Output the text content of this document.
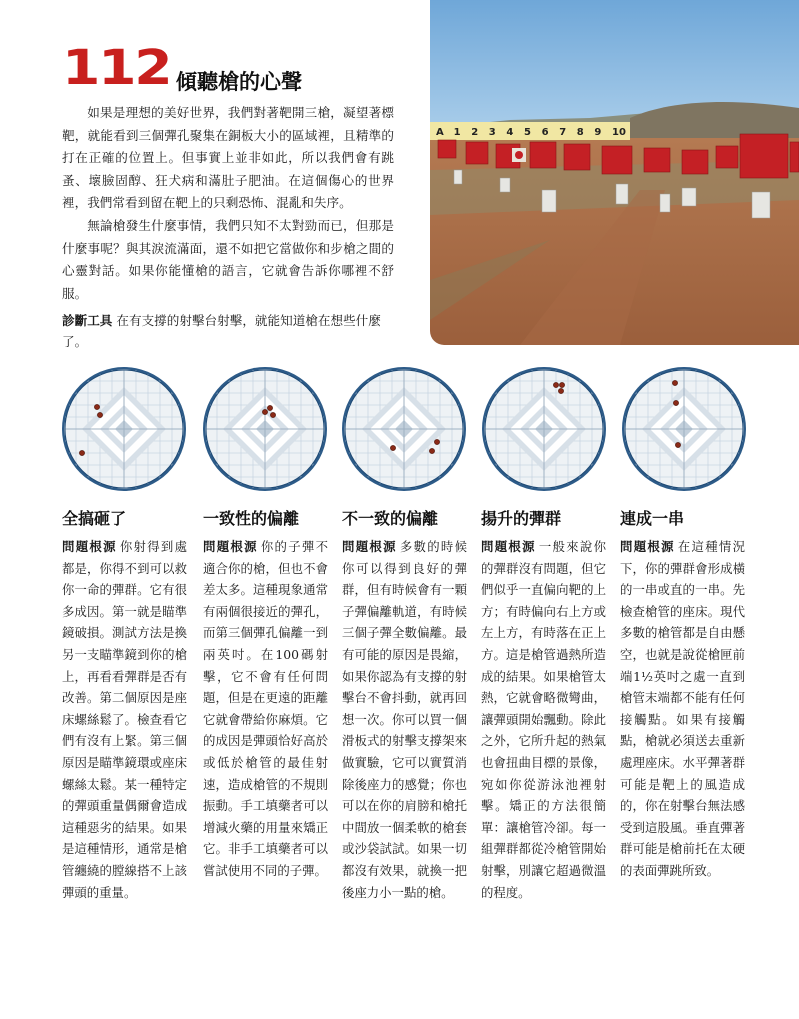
112 傾聽槍的心聲

如果是理想的美好世界，我們對著靶開三槍，凝望著標靶，就能看到三個彈孔聚集在銅板大小的區域裡，且精準的打在正確的位置上。但事實上並非如此，所以我們會有跳蚤、壞臉固醇、狂犬病和滿肚子肥油。在這個傷心的世界裡，我們常看到留在靶上的只剩恐怖、混亂和失序。

無論槍發生什麼事情，我們只知不太對勁而已，但那是什麼事呢？與其淚流滿面，還不如把它當做你和步槍之間的心靈對話。如果你能懂槍的語言，它就會告訴你哪裡不舒服。

診斷工具 在有支撐的射擊台射擊，就能知道槍在想些什麼了。
A 1 2 3 4 5 6 7 8 9 10
全搞砸了
問題根源 你射得到處都是，你得不到可以救你一命的彈群。它有很多成因。第一就是瞄準鏡破損。測試方法是換另一支瞄準鏡到你的槍上，再看看彈群是否有改善。第二個原因是座床螺絲鬆了。檢查看它們有沒有上緊。第三個原因是瞄準鏡環或座床螺絲太鬆。某一種特定的彈頭重量偶爾會造成這種惡劣的結果。如果是這種情形，通常是槍管纏繞的膛線搭不上該彈頭的重量。
一致性的偏離
問題根源 你的子彈不適合你的槍，但也不會差太多。這種現象通常有兩個很接近的彈孔，而第三個彈孔偏離一到兩英吋。在100碼射擊，它不會有任何問題，但是在更遠的距離它就會帶給你麻煩。它的成因是彈頭恰好高於或低於槍管的最佳射速，造成槍管的不規則振動。手工填藥者可以增減火藥的用量來矯正它。非手工填藥者可以嘗試使用不同的子彈。
不一致的偏離
問題根源 多數的時候你可以得到良好的彈群，但有時候會有一顆子彈偏離軌道，有時候三個子彈全數偏離。最有可能的原因是畏縮，如果你認為有支撐的射擊台不會抖動，就再回想一次。你可以買一個滑板式的射擊支撐架來做實驗，它可以實質消除後座力的感覺；你也可以在你的肩膀和槍托中間放一個柔軟的槍套或沙袋試試。如果一切都沒有效果，就換一把後座力小一點的槍。
揚升的彈群
問題根源 一般來說你的彈群沒有問題，但它們似乎一直偏向靶的上方；有時偏向右上方或左上方，有時落在正上方。這是槍管過熱所造成的結果。如果槍管太熱，它就會略微彎曲，讓彈頭開始飄動。除此之外，它所升起的熱氣也會扭曲目標的景像，宛如你從游泳池裡射擊。矯正的方法很簡單：讓槍管冷卻。每一組彈群都從冷槍管開始射擊，別讓它超過微溫的程度。
連成一串
問題根源 在這種情況下，你的彈群會形成橫的一串或直的一串。先檢查槍管的座床。現代多數的槍管都是自由懸空，也就是說從槍匣前端1½英吋之處一直到槍管末端都不能有任何接觸點。如果有接觸點，槍就必須送去重新處理座床。水平彈著群可能是靶上的風造成的，你在射擊台無法感受到這股風。垂直彈著群可能是槍前托在太硬的表面彈跳所致。
